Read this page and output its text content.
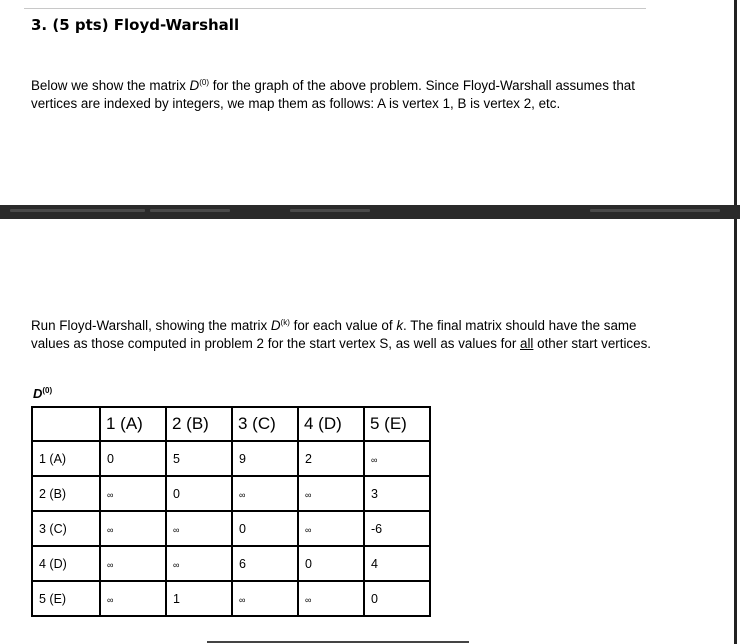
3. (5 pts) Floyd-Warshall

Below we show the matrix $D^{(0)}$ for the graph of the above problem. Since Floyd-Warshall assumes that vertices are indexed by integers, we map them as follows: A is vertex 1, B is vertex 2, etc.

Run Floyd-Warshall, showing the matrix $D^{(k)}$ for each value of k. The final matrix should have the same values as those computed in problem 2 for the start vertex S, as well as values for all other start vertices.

$D^{(0)}$
	1 (A)	2 (B)	3 (C)	4 (D)	5 (E)
1 (A)	0	5	9	2	∞
2 (B)	∞	0	∞	∞	3
3 (C)	∞	∞	0	∞	-6
4 (D)	∞	∞	6	0	4
5 (E)	∞	1	∞	∞	0
